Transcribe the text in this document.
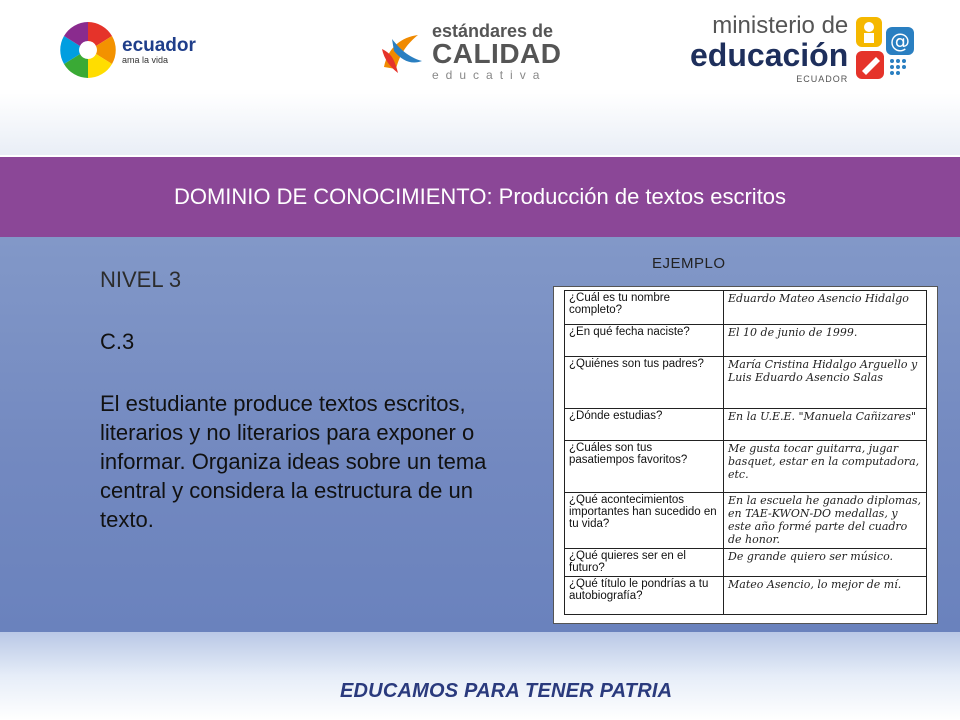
ecuador
ama la vida
estándares de
CALIDAD
educativa
ministerio de
educación
ECUADOR
@
DOMINIO DE CONOCIMIENTO: Producción de textos escritos
NIVEL 3
C.3
El estudiante produce textos escritos, literarios y no literarios para exponer o informar. Organiza ideas sobre un tema central y considera la estructura de un texto.
EJEMPLO
¿Cuál es tu nombre completo?	Eduardo Mateo Asencio Hidalgo
¿En qué fecha naciste?	El 10 de junio de 1999.
¿Quiénes son tus padres?	María Cristina Hidalgo Arguello y Luis Eduardo Asencio Salas
¿Dónde estudias?	En la U.E.E. "Manuela Cañizares"
¿Cuáles son tus pasatiempos favoritos?	Me gusta tocar guitarra, jugar basquet, estar en la computadora, etc.
¿Qué acontecimientos importantes han sucedido en tu vida?	En la escuela he ganado diplomas, en TAE-KWON-DO medallas, y este año formé parte del cuadro de honor.
¿Qué quieres ser en el futuro?	De grande quiero ser músico.
¿Qué título le pondrías a tu autobiografía?	Mateo Asencio, lo mejor de mí.
EDUCAMOS PARA TENER PATRIA
